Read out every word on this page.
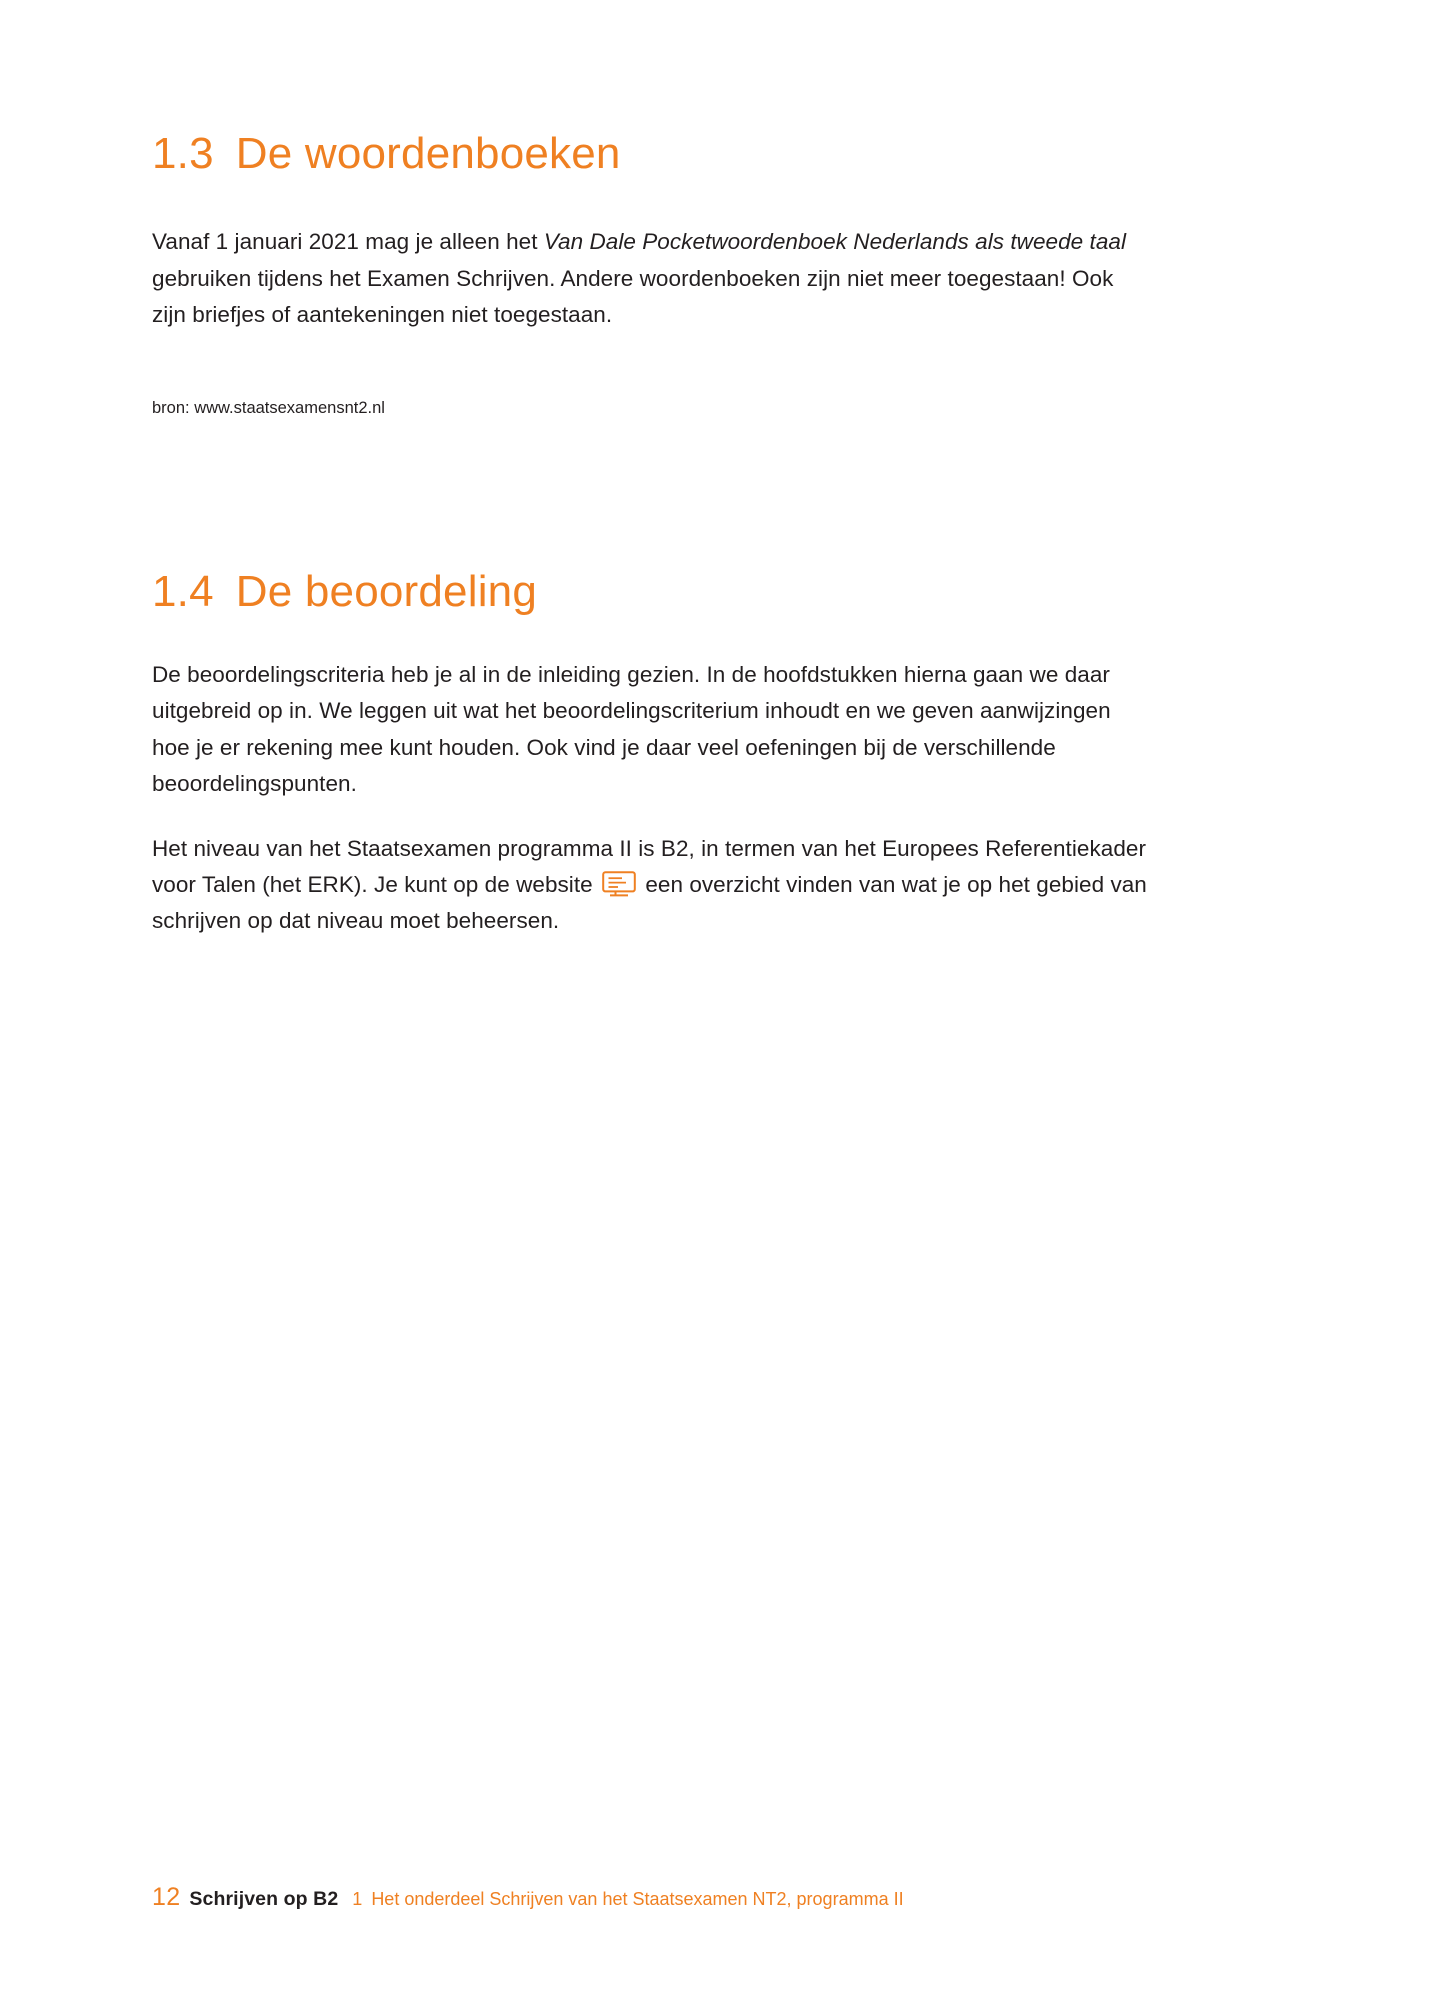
1.3 De woordenboeken

Vanaf 1 januari 2021 mag je alleen het Van Dale Pocketwoordenboek Nederlands als tweede taal gebruiken tijdens het Examen Schrijven. Andere woordenboeken zijn niet meer toegestaan! Ook zijn briefjes of aantekeningen niet toegestaan.

bron: www.staatsexamensnt2.nl

1.4 De beoordeling

De beoordelingscriteria heb je al in de inleiding gezien. In de hoofdstukken hierna gaan we daar uitgebreid op in. We leggen uit wat het beoordelingscriterium inhoudt en we geven aanwijzingen hoe je er rekening mee kunt houden. Ook vind je daar veel oefeningen bij de verschillende beoordelingspunten.

Het niveau van het Staatsexamen programma II is B2, in termen van het Europees Referentiekader voor Talen (het ERK). Je kunt op de website
een overzicht vinden van wat je op het gebied van schrijven op dat niveau moet beheersen.

12 Schrijven op B2 1 Het onderdeel Schrijven van het Staatsexamen NT2, programma II
